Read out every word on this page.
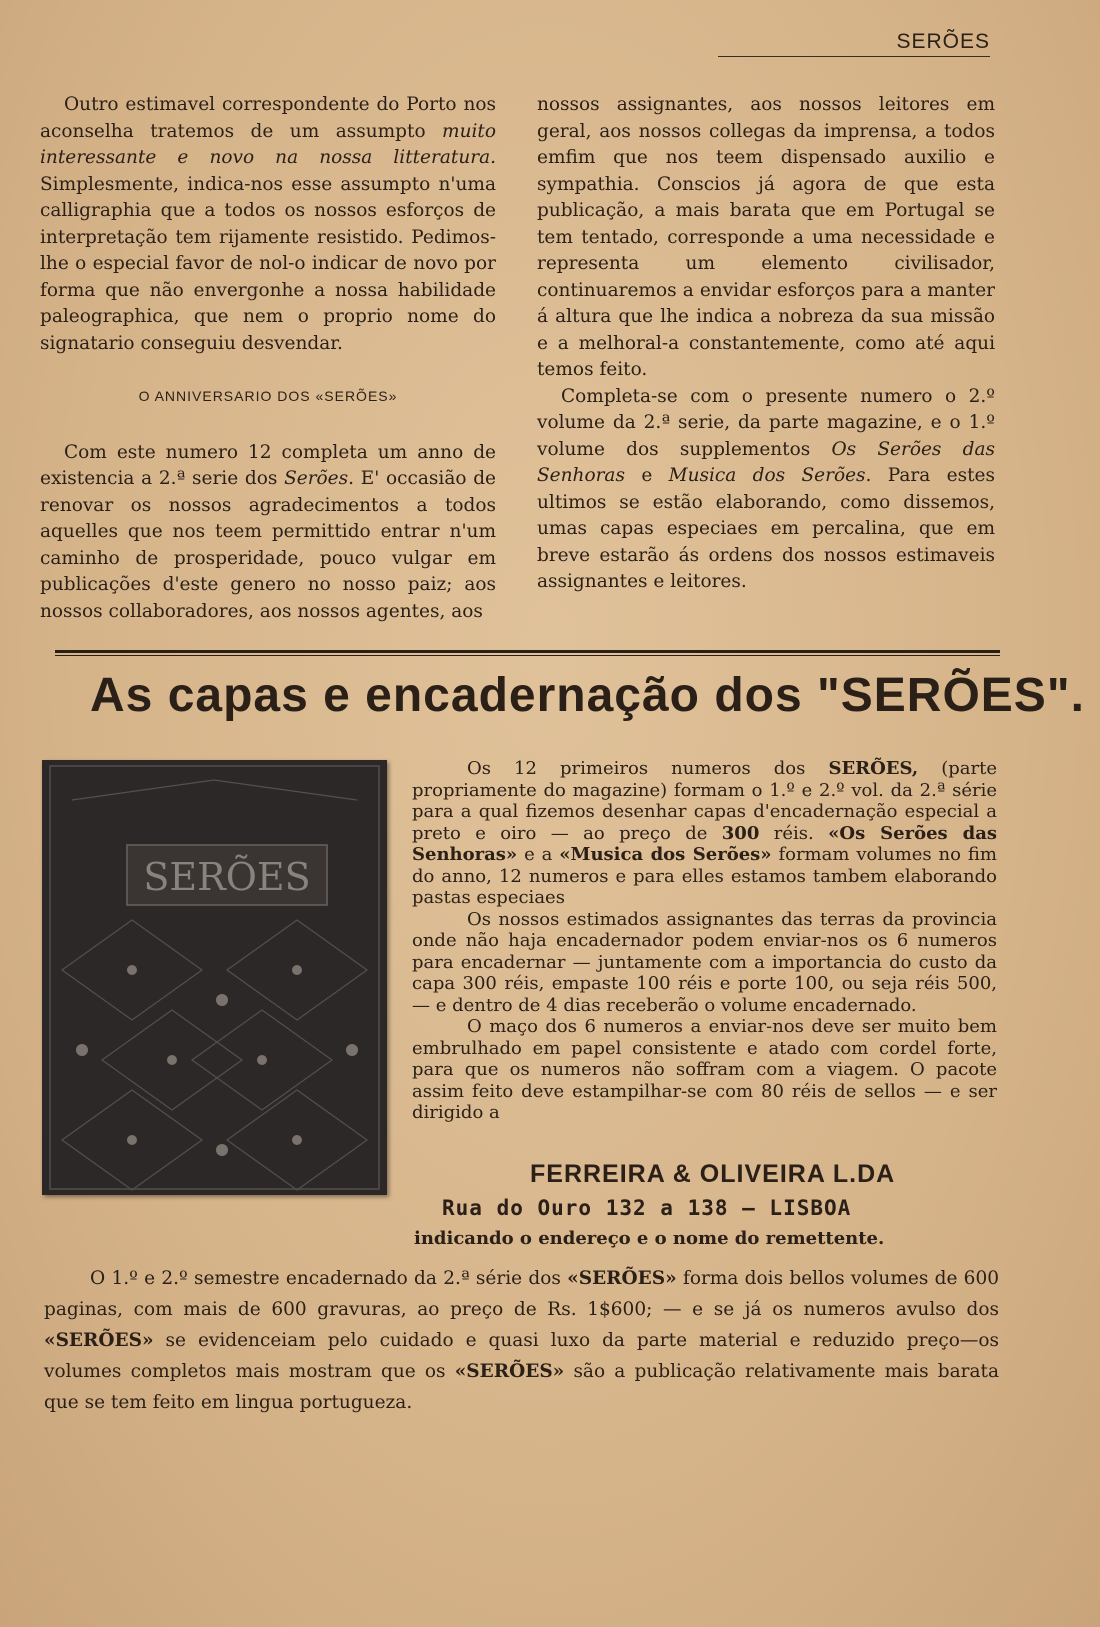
SERÕES

Outro estimavel correspondente do Porto nos aconselha tratemos de um assumpto muito interessante e novo na nossa litteratura. Simplesmente, indica-nos esse assumpto n'uma calligraphia que a todos os nossos esforços de interpretação tem rijamente resistido. Pedimos-lhe o especial favor de nol-o indicar de novo por forma que não envergonhe a nossa habilidade paleographica, que nem o proprio nome do signatario conseguiu desvendar.

O ANNIVERSARIO DOS «SERÕES»

Com este numero 12 completa um anno de existencia a 2.ª serie dos Serões. E' occasião de renovar os nossos agradecimentos a todos aquelles que nos teem permittido entrar n'um caminho de prosperidade, pouco vulgar em publicações d'este genero no nosso paiz; aos nossos collaboradores, aos nossos agentes, aos

nossos assignantes, aos nossos leitores em geral, aos nossos collegas da imprensa, a todos emfim que nos teem dispensado auxilio e sympathia. Conscios já agora de que esta publicação, a mais barata que em Portugal se tem tentado, corresponde a uma necessidade e representa um elemento civilisador, continuaremos a envidar esforços para a manter á altura que lhe indica a nobreza da sua missão e a melhoral-a constantemente, como até aqui temos feito.

Completa-se com o presente numero o 2.º volume da 2.ª serie, da parte magazine, e o 1.º volume dos supplementos Os Serões das Senhoras e Musica dos Serões. Para estes ultimos se estão elaborando, como dissemos, umas capas especiaes em percalina, que em breve estarão ás ordens dos nossos estimaveis assignantes e leitores.

As capas e encadernação dos "SERÕES".
SERÕES

Os 12 primeiros numeros dos SERÕES, (parte propriamente do magazine) formam o 1.º e 2.º vol. da 2.ª série para a qual fizemos desenhar capas d'encadernação especial a preto e oiro — ao preço de 300 réis. «Os Serões das Senhoras» e a «Musica dos Serões» formam volumes no fim do anno, 12 numeros e para elles estamos tambem elaborando pastas especiaes

Os nossos estimados assignantes das terras da provincia onde não haja encadernador podem enviar-nos os 6 numeros para encadernar — juntamente com a importancia do custo da capa 300 réis, empaste 100 réis e porte 100, ou seja réis 500, — e dentro de 4 dias receberão o volume encadernado.

O maço dos 6 numeros a enviar-nos deve ser muito bem embrulhado em papel consistente e atado com cordel forte, para que os numeros não soffram com a viagem. O pacote assim feito deve estampilhar-se com 80 réis de sellos — e ser dirigido a

FERREIRA & OLIVEIRA L.DA
Rua do Ouro 132 a 138 — LISBOA
indicando o endereço e o nome do remettente.

O 1.º e 2.º semestre encadernado da 2.ª série dos «SERÕES» forma dois bellos volumes de 600 paginas, com mais de 600 gravuras, ao preço de Rs. 1$600; — e se já os numeros avulso dos «SERÕES» se evidenceiam pelo cuidado e quasi luxo da parte material e reduzido preço—os volumes completos mais mostram que os «SERÕES» são a publicação relativamente mais barata que se tem feito em lingua portugueza.
